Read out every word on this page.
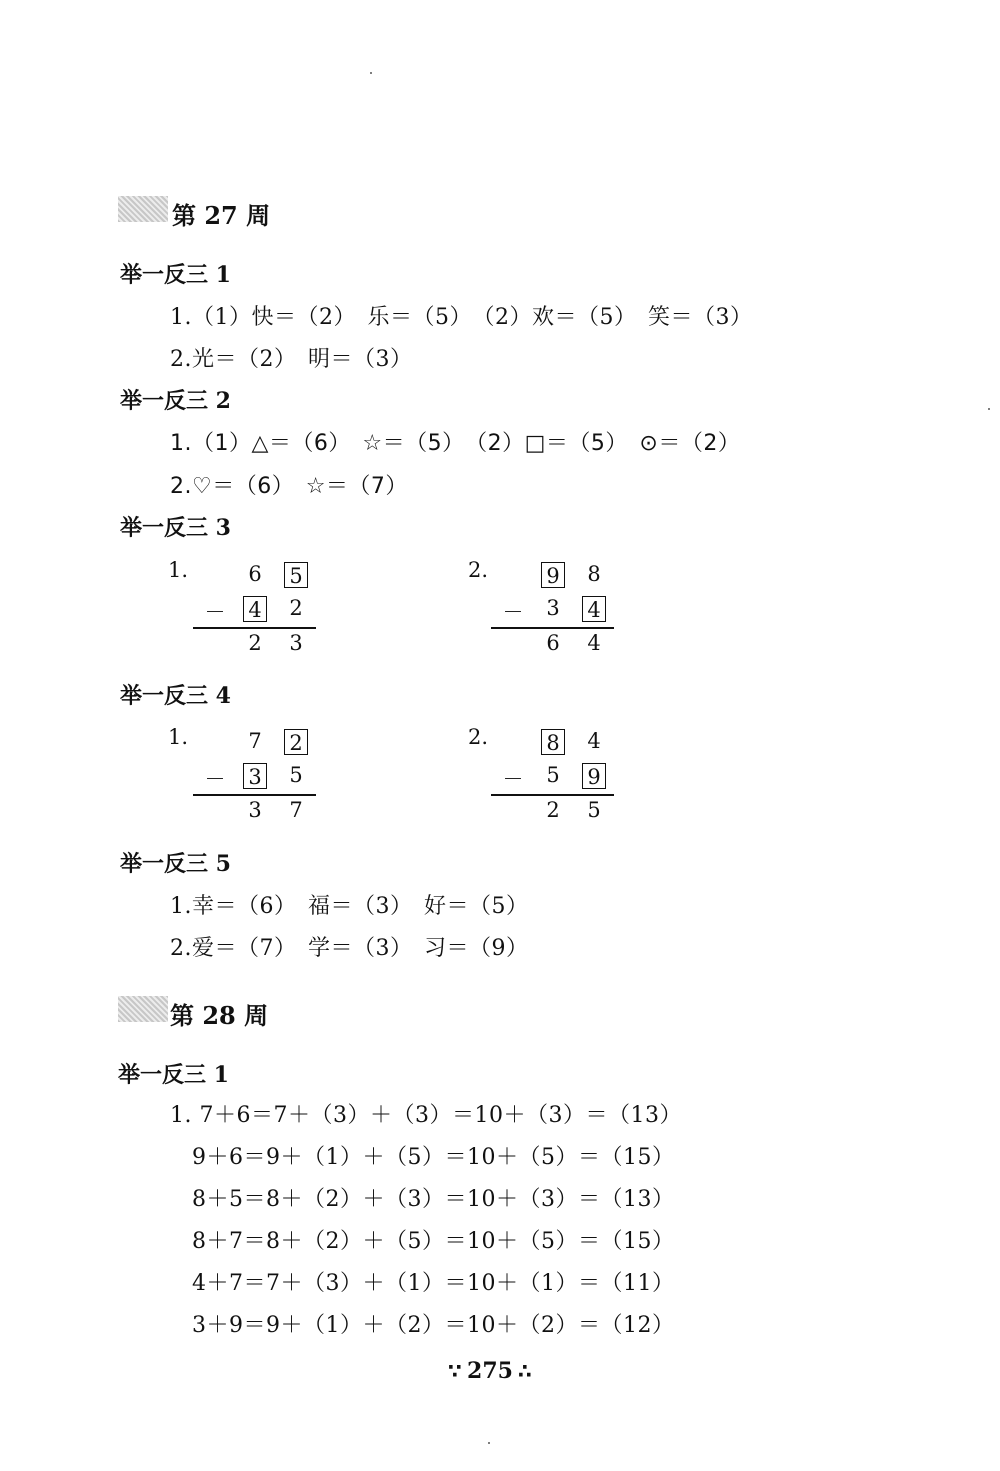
第 27 周
举一反三 1
1.（1）快＝（2）　乐＝（5）　（2）欢＝（5）　笑＝（3）
2.光＝（2）　明＝（3）
举一反三 2
1.（1）△＝（6）　☆＝（5）　（2）□＝（5）　⊙＝（2）
2.♡＝（6）　☆＝（7）
举一反三 3
1.	6	5
－	4	2
2	3
2.	9	8
－	3	4
6	4
举一反三 4
1.	7	2
－	3	5
3	7
2.	8	4
－	5	9
2	5
举一反三 5
1.幸＝（6）　福＝（3）　好＝（5）
2.爱＝（7）　学＝（3）　习＝（9）
第 28 周
举一反三 1
1. 7＋6＝7＋（3）＋（3）＝10＋（3）＝（13）
9＋6＝9＋（1）＋（5）＝10＋（5）＝（15）
8＋5＝8＋（2）＋（3）＝10＋（3）＝（13）
8＋7＝8＋（2）＋（5）＝10＋（5）＝（15）
4＋7＝7＋（3）＋（1）＝10＋（1）＝（11）
3＋9＝9＋（1）＋（2）＝10＋（2）＝（12）
∵ 275 ∴
